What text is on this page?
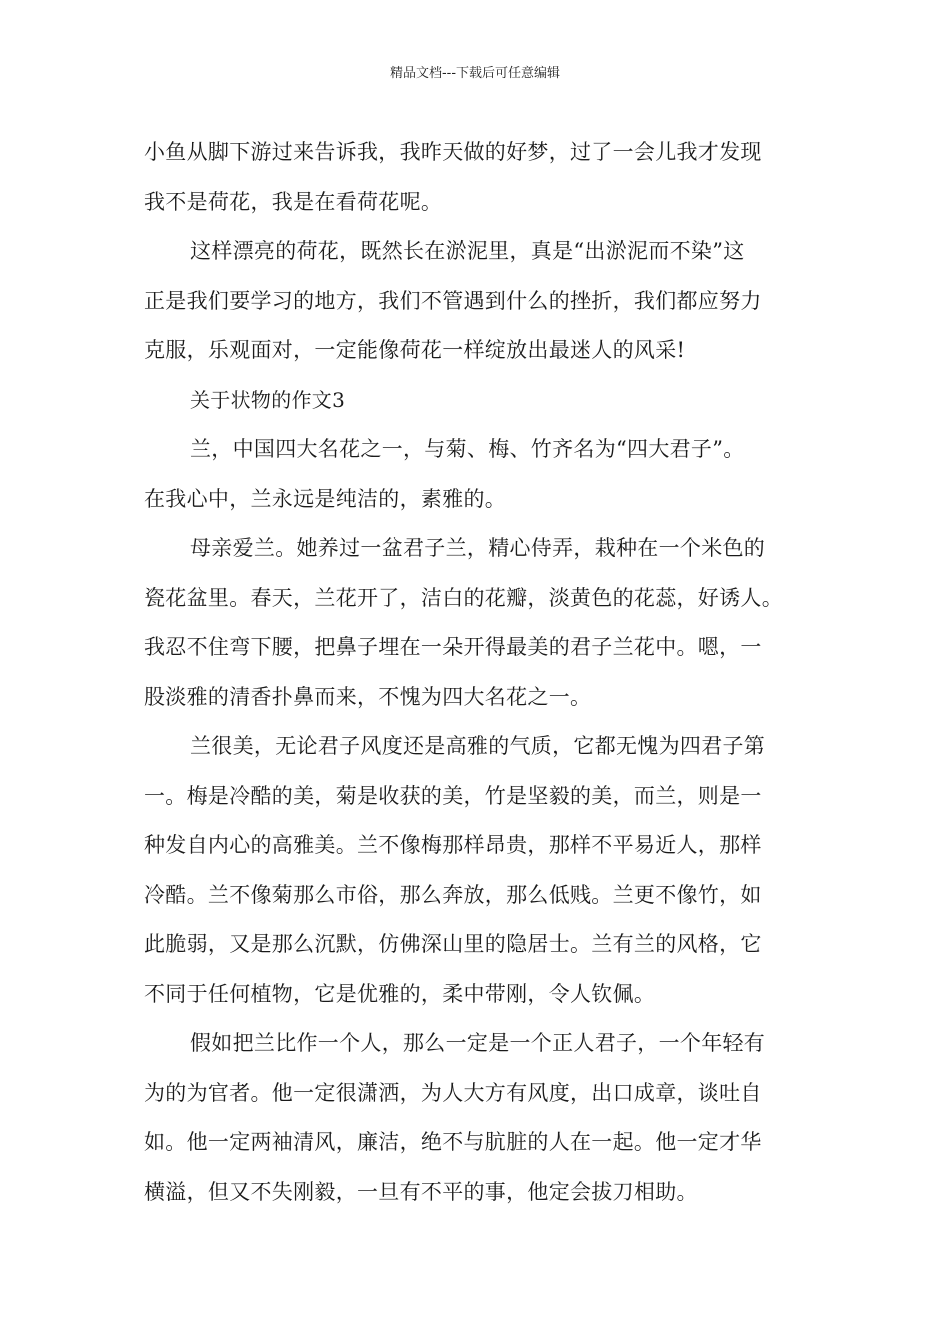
精品文档---下载后可任意编辑
小鱼从脚下游过来告诉我，我昨天做的好梦，过了一会儿我才发现
我不是荷花，我是在看荷花呢。
这样漂亮的荷花，既然长在淤泥里，真是“出淤泥而不染”这
正是我们要学习的地方，我们不管遇到什么的挫折，我们都应努力
克服，乐观面对，一定能像荷花一样绽放出最迷人的风采!
关于状物的作文3
兰，中国四大名花之一，与菊、梅、竹齐名为“四大君子”。
在我心中，兰永远是纯洁的，素雅的。
母亲爱兰。她养过一盆君子兰，精心侍弄，栽种在一个米色的
瓷花盆里。春天，兰花开了，洁白的花瓣，淡黄色的花蕊，好诱人。
我忍不住弯下腰，把鼻子埋在一朵开得最美的君子兰花中。嗯，一
股淡雅的清香扑鼻而来，不愧为四大名花之一。
兰很美，无论君子风度还是高雅的气质，它都无愧为四君子第
一。梅是冷酷的美，菊是收获的美，竹是坚毅的美，而兰，则是一
种发自内心的高雅美。兰不像梅那样昂贵，那样不平易近人，那样
冷酷。兰不像菊那么市俗，那么奔放，那么低贱。兰更不像竹，如
此脆弱，又是那么沉默，仿佛深山里的隐居士。兰有兰的风格，它
不同于任何植物，它是优雅的，柔中带刚，令人钦佩。
假如把兰比作一个人，那么一定是一个正人君子，一个年轻有
为的为官者。他一定很潇洒，为人大方有风度，出口成章，谈吐自
如。他一定两袖清风，廉洁，绝不与肮脏的人在一起。他一定才华
横溢，但又不失刚毅，一旦有不平的事，他定会拔刀相助。
